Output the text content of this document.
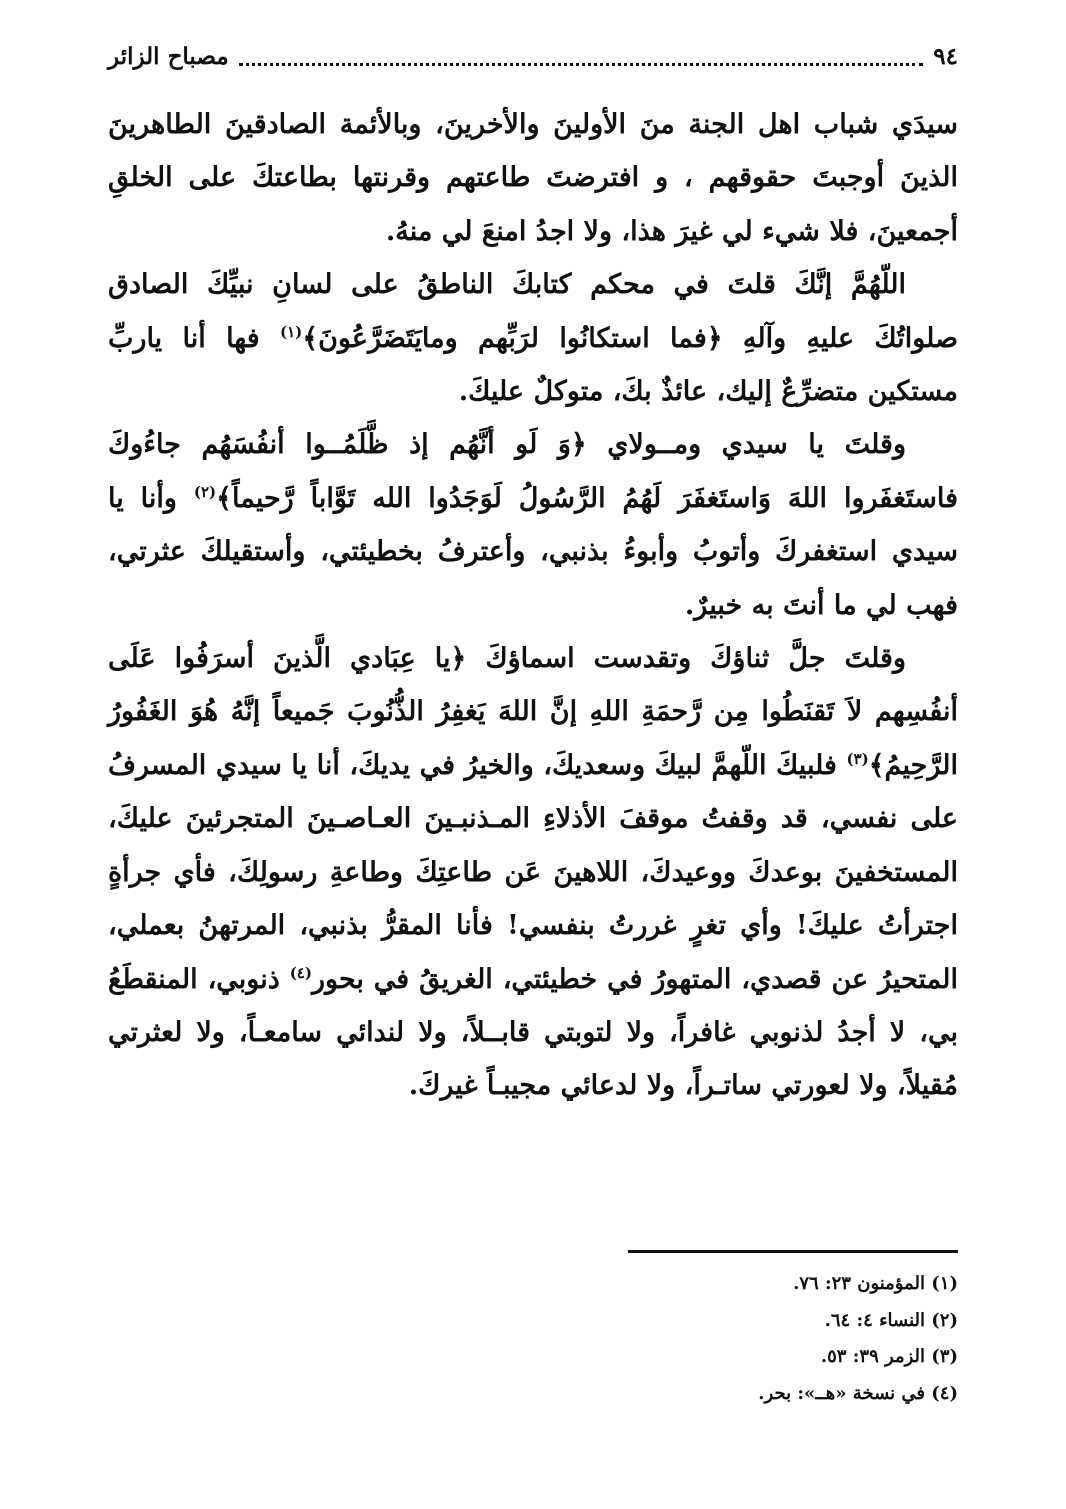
٩٤
مصباح الزائر

سيدَي شباب اهل الجنة منَ الأولينَ والأخرينَ، وبالأئمة الصادقينَ الطاهرينَ الذينَ أوجبتَ حقوقهم ، و افترضتَ طاعتهم وقرنتها بطاعتكَ على الخلقِ أجمعينَ، فلا شيء لي غيرَ هذا، ولا اجدُ امنعَ لي منهُ.

اللّهُمَّ إنَّكَ قلتَ في محكم كتابكَ الناطقُ على لسانِ نبيِّكَ الصادق صلواتُكَ عليهِ وآلهِ ﴿فما استكانُوا لرَبِّهم ومايَتَضَرَّعُونَ﴾$^{(١)}$ فها أنا ياربِّ مستكين متضرِّعٌ إليك، عائذٌ بكَ، متوكلٌ عليكَ.

وقلتَ يا سيدي ومــولاي ﴿وَ لَو أنَّهُم إذ ظَّلَمُــوا أنفُسَهُم جاءُوكَ فاستَغفَروا اللهَ وَاستَغفَرَ لَهُمُ الرَّسُولُ لَوَجَدُوا الله تَوَّاباً رَّحيماً﴾$^{(٢)}$ وأنا يا سيدي استغفركَ وأتوبُ وأبوءُ بذنبي، وأعترفُ بخطيئتي، وأستقيلكَ عثرتي، فهب لي ما أنتَ به خبيرٌ.

وقلتَ جلَّ ثناؤكَ وتقدست اسماؤكَ ﴿يا عِبَادي الَّذينَ أسرَفُوا عَلَى أنفُسِهم لاَ تَقنَطُوا مِن رَّحمَةِ اللهِ إنَّ اللهَ يَغفِرُ الذُّنُوبَ جَميعاً إنَّهُ هُوَ الغَفُورُ الرَّحِيمُ﴾$^{(٣)}$ فلبيكَ اللّهمَّ لبيكَ وسعديكَ، والخيرُ في يديكَ، أنا يا سيدي المسرفُ على نفسي، قد وقفتُ موقفَ الأذلاءِ المـذنبـينَ العـاصـينَ المتجرئينَ عليكَ، المستخفينَ بوعدكَ ووعيدكَ، اللاهينَ عَن طاعتِكَ وطاعةِ رسولِكَ، فأي جرأةٍ اجترأتُ عليكَ! وأي تغرٍ غررتُ بنفسي! فأنا المقرُّ بذنبي، المرتهنُ بعملي، المتحيرُ عن قصدي، المتهورُ في خطيئتي، الغريقُ في بحور$^{(٤)}$ ذنوبي، المنقطَعُ بي، لا أجدُ لذنوبي غافراً، ولا لتوبتي قابــلاً، ولا لندائي سامعـاً، ولا لعثرتي مُقيلاً، ولا لعورتي ساتـراً، ولا لدعائي مجيبـاً غيركَ.

(١) المؤمنون ٢٣: ٧٦.
(٢) النساء ٤: ٦٤.
(٣) الزمر ٣٩: ٥٣.
(٤) في نسخة «هــ»: بحر.
